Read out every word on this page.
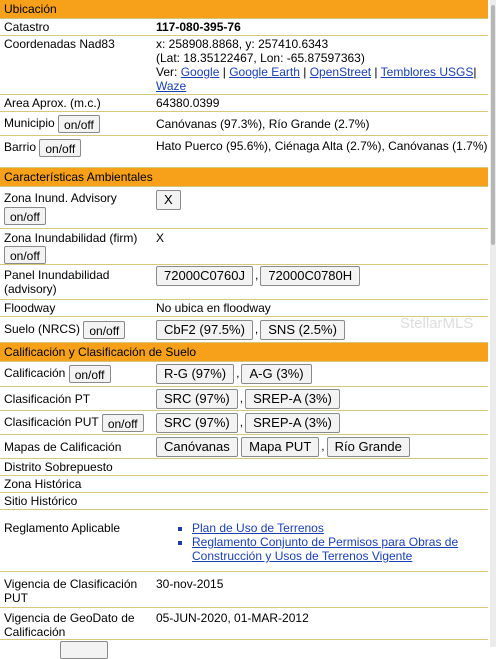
Ubicación
Catastro	117-080-395-76
Coordenadas Nad83	x: 258908.8868, y: 257410.6343
(Lat: 18.35122467, Lon: -65.87597363)
Ver: Google | Google Earth | OpenStreet | Temblores USGS|
Waze
Area Aprox. (m.c.)	64380.0399
Municipio on/off	Canóvanas (97.3%), Río Grande (2.7%)
Barrio on/off	Hato Puerco (95.6%), Ciénaga Alta (2.7%), Canóvanas (1.7%)
Características Ambientales
Zona Inund. Advisory
on/off
X
Zona Inundabilidad (firm)
on/off
X
Panel Inundabilidad (advisory)
72000C0760J , 72000C0780H
Floodway	No ubica en floodway
Suelo (NRCS) on/off	CbF2 (97.5%) , SNS (2.5%)
Calificación y Clasificación de Suelo
Calificación on/off	R-G (97%) , A-G (3%)
Clasificación PT	SRC (97%) , SREP-A (3%)
Clasificación PUT on/off	SRC (97%) , SREP-A (3%)
Mapas de Calificación	Canóvanas Mapa PUT , Río Grande
Distrito Sobrepuesto
Zona Histórica
Sitio Histórico
Reglamento Aplicable
▪	Plan de Uso de Terrenos
▪ Reglamento Conjunto de Permisos para Obras de Construcción y Usos de Terrenos Vigente
Vigencia de Clasificación PUT
30-nov-2015
Vigencia de GeoDato de Calificación
05-JUN-2020, 01-MAR-2012
StellarMLS
